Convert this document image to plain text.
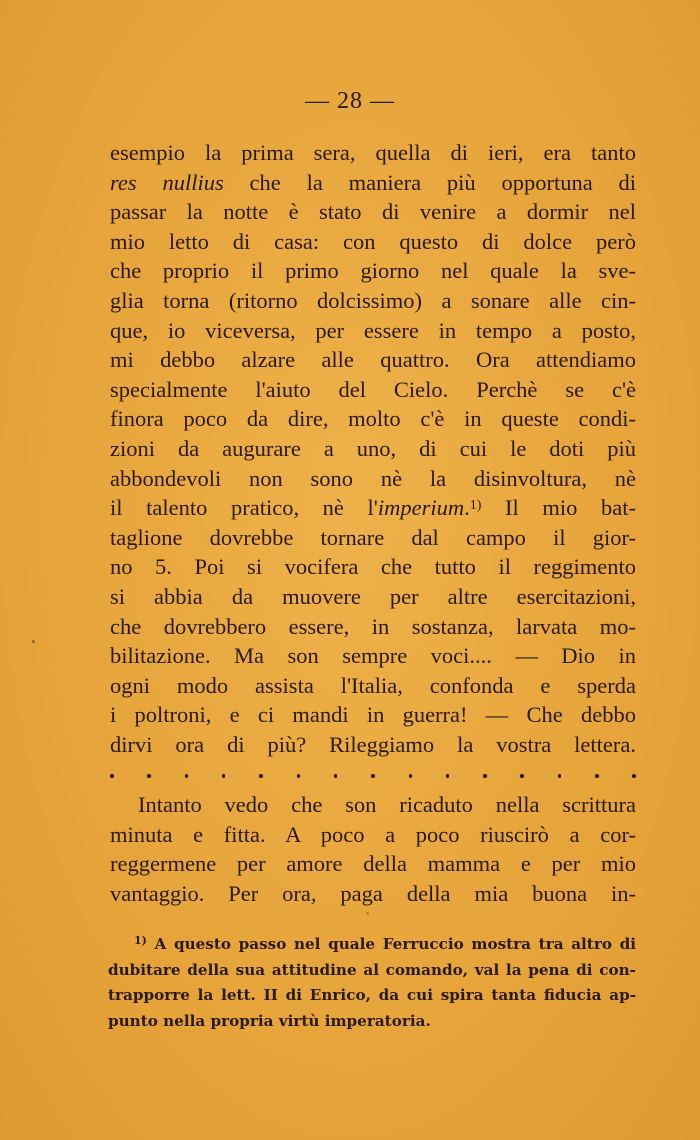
— 28 —
esempio la prima sera, quella di ieri, era tanto
res nullius che la maniera più opportuna di
passar la notte è stato di venire a dormir nel
mio letto di casa: con questo di dolce però
che proprio il primo giorno nel quale la sve-
glia torna (ritorno dolcissimo) a sonare alle cin-
que, io viceversa, per essere in tempo a posto,
mi debbo alzare alle quattro. Ora attendiamo
specialmente l'aiuto del Cielo. Perchè se c'è
finora poco da dire, molto c'è in queste condi-
zioni da augurare a uno, di cui le doti più
abbondevoli non sono nè la disinvoltura, nè
il talento pratico, nè l'imperium.$^{1)}$ Il mio bat-
taglione dovrebbe tornare dal campo il gior-
no 5. Poi si vocifera che tutto il reggimento
si abbia da muovere per altre esercitazioni,
che dovrebbero essere, in sostanza, larvata mo-
bilitazione. Ma son sempre voci.... — Dio in
ogni modo assista l'Italia, confonda e sperda
i poltroni, e ci mandi in guerra! — Che debbo
dirvi ora di più? Rileggiamo la vostra lettera.
Intanto vedo che son ricaduto nella scrittura
minuta e fitta. A poco a poco riuscirò a cor-
reggermene per amore della mamma e per mio
vantaggio. Per ora, paga della mia buona in-
$^{1)}$ A questo passo nel quale Ferruccio mostra tra altro di
dubitare della sua attitudine al comando, val la pena di con-
trapporre la lett. II di Enrico, da cui spira tanta fiducia ap-
punto nella propria virtù imperatoria.
